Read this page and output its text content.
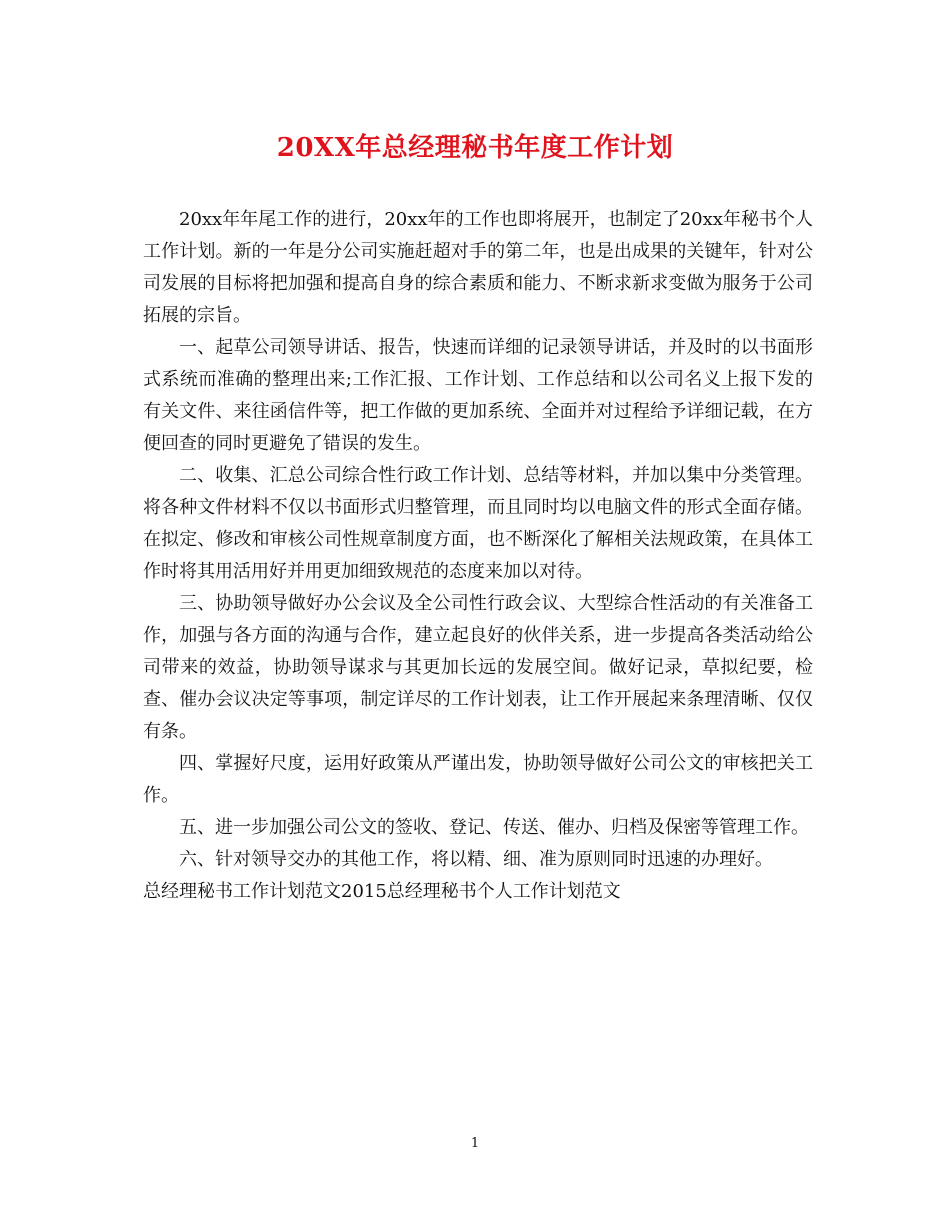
20XX年总经理秘书年度工作计划

20xx年年尾工作的进行，20xx年的工作也即将展开，也制定了20xx年秘书个人工作计划。新的一年是分公司实施赶超对手的第二年，也是出成果的关键年，针对公司发展的目标将把加强和提高自身的综合素质和能力、不断求新求变做为服务于公司拓展的宗旨。

一、起草公司领导讲话、报告，快速而详细的记录领导讲话，并及时的以书面形式系统而准确的整理出来;工作汇报、工作计划、工作总结和以公司名义上报下发的有关文件、来往函信件等，把工作做的更加系统、全面并对过程给予详细记载，在方便回查的同时更避免了错误的发生。

二、收集、汇总公司综合性行政工作计划、总结等材料，并加以集中分类管理。将各种文件材料不仅以书面形式归整管理，而且同时均以电脑文件的形式全面存储。在拟定、修改和审核公司性规章制度方面，也不断深化了解相关法规政策，在具体工作时将其用活用好并用更加细致规范的态度来加以对待。

三、协助领导做好办公会议及全公司性行政会议、大型综合性活动的有关准备工作，加强与各方面的沟通与合作，建立起良好的伙伴关系，进一步提高各类活动给公司带来的效益，协助领导谋求与其更加长远的发展空间。做好记录，草拟纪要，检查、催办会议决定等事项，制定详尽的工作计划表，让工作开展起来条理清晰、仅仅有条。

四、掌握好尺度，运用好政策从严谨出发，协助领导做好公司公文的审核把关工作。

五、进一步加强公司公文的签收、登记、传送、催办、归档及保密等管理工作。

六、针对领导交办的其他工作，将以精、细、准为原则同时迅速的办理好。

总经理秘书工作计划范文2015总经理秘书个人工作计划范文

1
